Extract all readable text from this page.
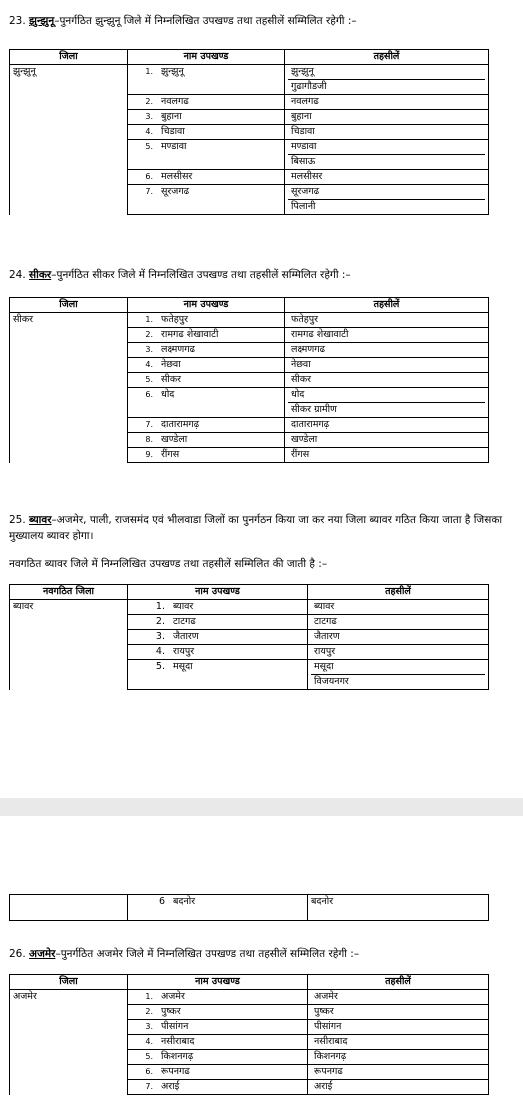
23. झुन्झुनू–पुनर्गठित झुन्झुनू जिले में निम्नलिखित उपखण्ड तथा तहसीलें सम्मिलित रहेगी :–
जिला	नाम उपखण्ड	तहसीलें
झुन्झुनू	1. झुन्झुनू	झुन्झुनू
गुढागौडजी

	2. नवलगढ	नवलगढ

	3. बुहाना	बुहाना

	4. चिडावा	चिडावा

	5. मण्डावा	मण्डावा
बिसाऊ

	6. मलसीसर	मलसीसर

	7. सूरजगढ	सूरजगढ
पिलानी
24. सीकर–पुनर्गठित सीकर जिले में निम्नलिखित उपखण्ड तथा तहसीलें सम्मिलित रहेगी :–
जिला	नाम उपखण्ड	तहसीलें
सीकर	1. फतेहपुर	फतेहपुर

	2. रामगढ शेखावाटी	रामगढ शेखावाटी

	3. लक्ष्मणगढ	लक्ष्मणगढ

	4. नेछवा	नेछवा

	5. सीकर	सीकर

	6. धोद	धोद
सीकर ग्रामीण

	7. दातारामगढ़	दातारामगढ़

	8. खण्डेला	खण्डेला

	9. रींगस	रींगस
25. ब्यावर–अजमेर, पाली, राजसमंद एवं भीलवाडा जिलों का पुनर्गठन किया जा कर नया जिला ब्यावर गठित किया जाता है जिसका मुख्यालय ब्यावर होगा।
नवगठित ब्यावर जिले में निम्नलिखित उपखण्ड तथा तहसीलें सम्मिलित की जाती है :–
नवगठित जिला	नाम उपखण्ड	तहसीलें
ब्यावर	1. ब्यावर	ब्यावर

	2. टाटगढ	टाटगढ

	3. जैतारण	जैतारण

	4. रायपुर	रायपुर

	5. मसूदा	मसूदा
विजयनगर
	6 बदनोर	बदनोर
26. अजमेर–पुनर्गठित अजमेर जिले में निम्नलिखित उपखण्ड तथा तहसीलें सम्मिलित रहेगी :–
जिला	नाम उपखण्ड	तहसीलें
अजमेर	1. अजमेर	अजमेर

	2. पुष्कर	पुष्कर

	3. पीसांगन	पीसांगन

	4. नसीराबाद	नसीराबाद

	5. किशनगढ़	किशनगढ़

	6. रूपनगढ	रूपनगढ

	7. अराई	अराई
